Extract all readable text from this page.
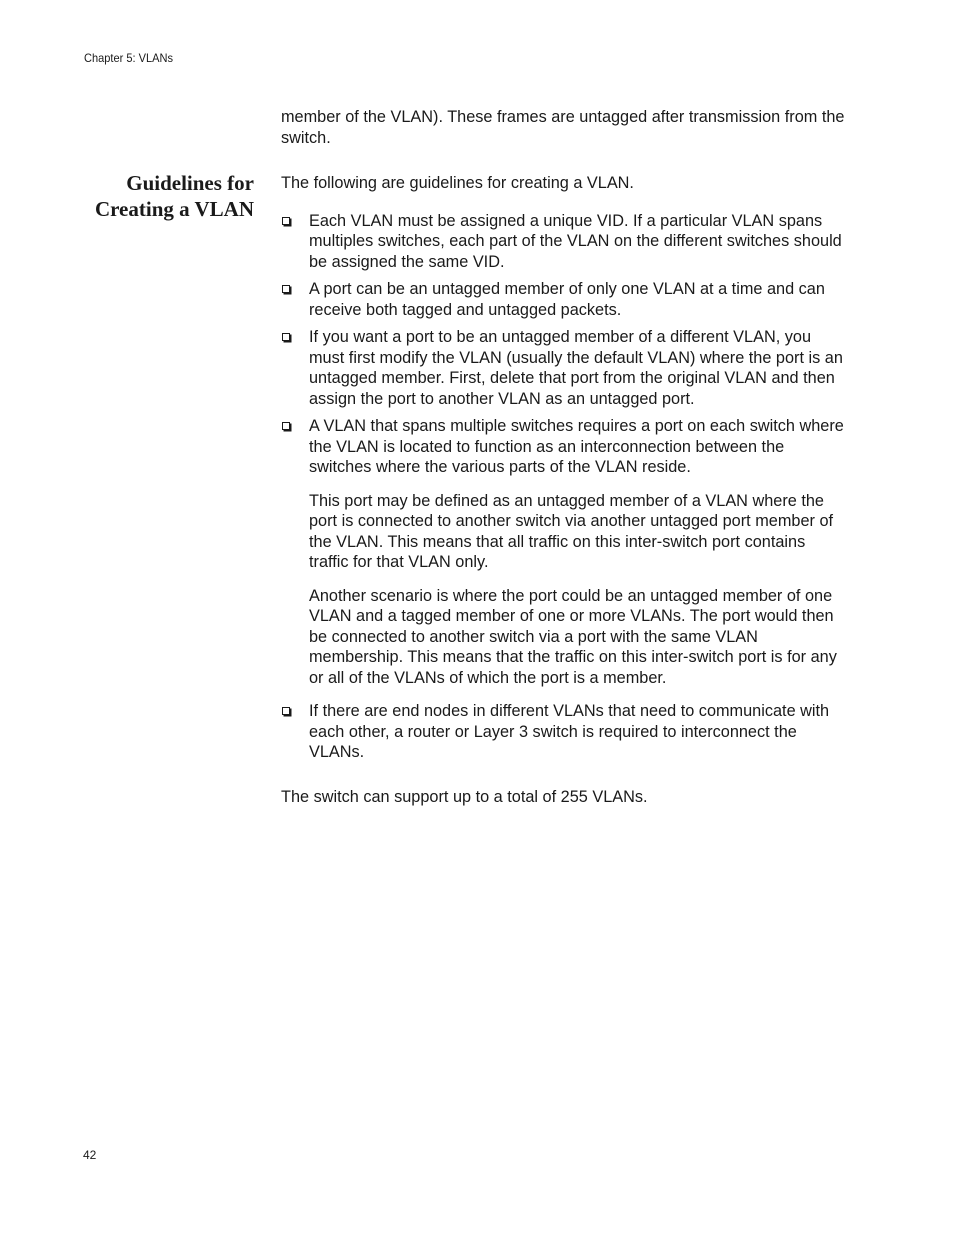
Chapter 5: VLANs

member of the VLAN). These frames are untagged after transmission from the switch.

Guidelines for
Creating a VLAN

The following are guidelines for creating a VLAN.

Each VLAN must be assigned a unique VID. If a particular VLAN spans multiples switches, each part of the VLAN on the different switches should be assigned the same VID.
A port can be an untagged member of only one VLAN at a time and can receive both tagged and untagged packets.
If you want a port to be an untagged member of a different VLAN, you must first modify the VLAN (usually the default VLAN) where the port is an untagged member. First, delete that port from the original VLAN and then assign the port to another VLAN as an untagged port.
A VLAN that spans multiple switches requires a port on each switch where the VLAN is located to function as an interconnection between the switches where the various parts of the VLAN reside.
This port may be defined as an untagged member of a VLAN where the port is connected to another switch via another untagged port member of the VLAN. This means that all traffic on this inter-switch port contains traffic for that VLAN only.
Another scenario is where the port could be an untagged member of one VLAN and a tagged member of one or more VLANs. The port would then be connected to another switch via a port with the same VLAN membership. This means that the traffic on this inter-switch port is for any or all of the VLANs of which the port is a member.
If there are end nodes in different VLANs that need to communicate with each other, a router or Layer 3 switch is required to interconnect the VLANs.

The switch can support up to a total of 255 VLANs.

42
